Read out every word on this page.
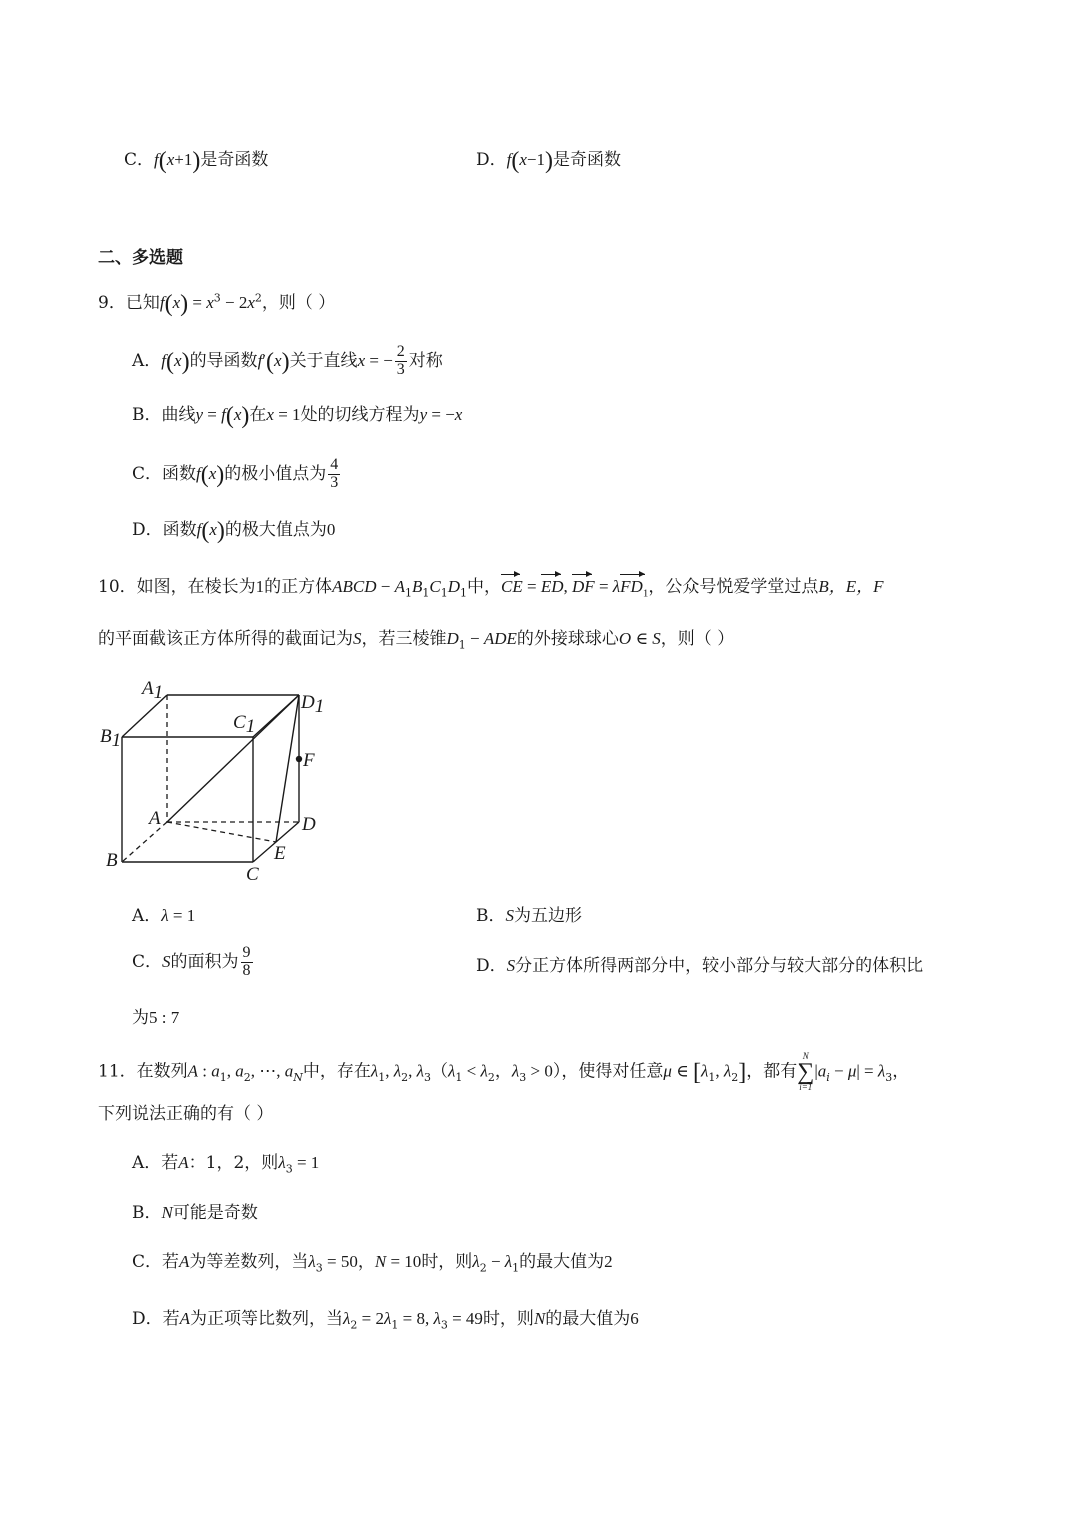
C．f(x+1)是奇函数	D．f(x−1)是奇函数
二、多选题
9．已知$f(x) = x^3 - 2x^2$，则（ ）
A．f(x)的导函数f′(x)关于直线x = − $\frac{2}{3}$ 对称
B．曲线y = f(x)在x = 1处的切线方程为y = −x
C．函数f(x)的极小值点为 $\frac{4}{3}$
D．函数f(x)的极大值点为0
10．如图，在棱长为1的正方体ABCD − $A_1B_1C_1D_1$中，CE = ED, DF = λFD$_1$，公众号悦爱学堂过点B，E，F
的平面截该正方体所得的截面记为S，若三棱锥$D_1$ − ADE的外接球球心O ∈ S，则（ ）
A1	D1
B1
C1
F
A	D
B	E
C
A．λ = 1	B．S为五边形
C．S的面积为 $\frac{9}{8}$	D．S分正方体所得两部分中，较小部分与较大部分的体积比
为5 : 7
11．在数列A : $a_1$, $a_2$, ⋯, $a_N$中，存在$\lambda_1$, $\lambda_2$, $\lambda_3(\lambda_1 < \lambda_2$，$\lambda_3 > 0$），使得对任意μ ∈ [$\lambda_1$, $\lambda_2$]，都有
N
∑
i=1
$|a_i - \mu| = \lambda_3$，
下列说法正确的有（ ）
A．若A：1，2，则$\lambda_3 = 1$
B．N可能是奇数
C．若A为等差数列，当$\lambda_3 = 50$，N = 10时，则$\lambda_2 - \lambda_1$的最大值为2
D．若A为正项等比数列，当$\lambda_2 = 2\lambda_1 = 8$, $\lambda_3 = 49$时，则N的最大值为6
